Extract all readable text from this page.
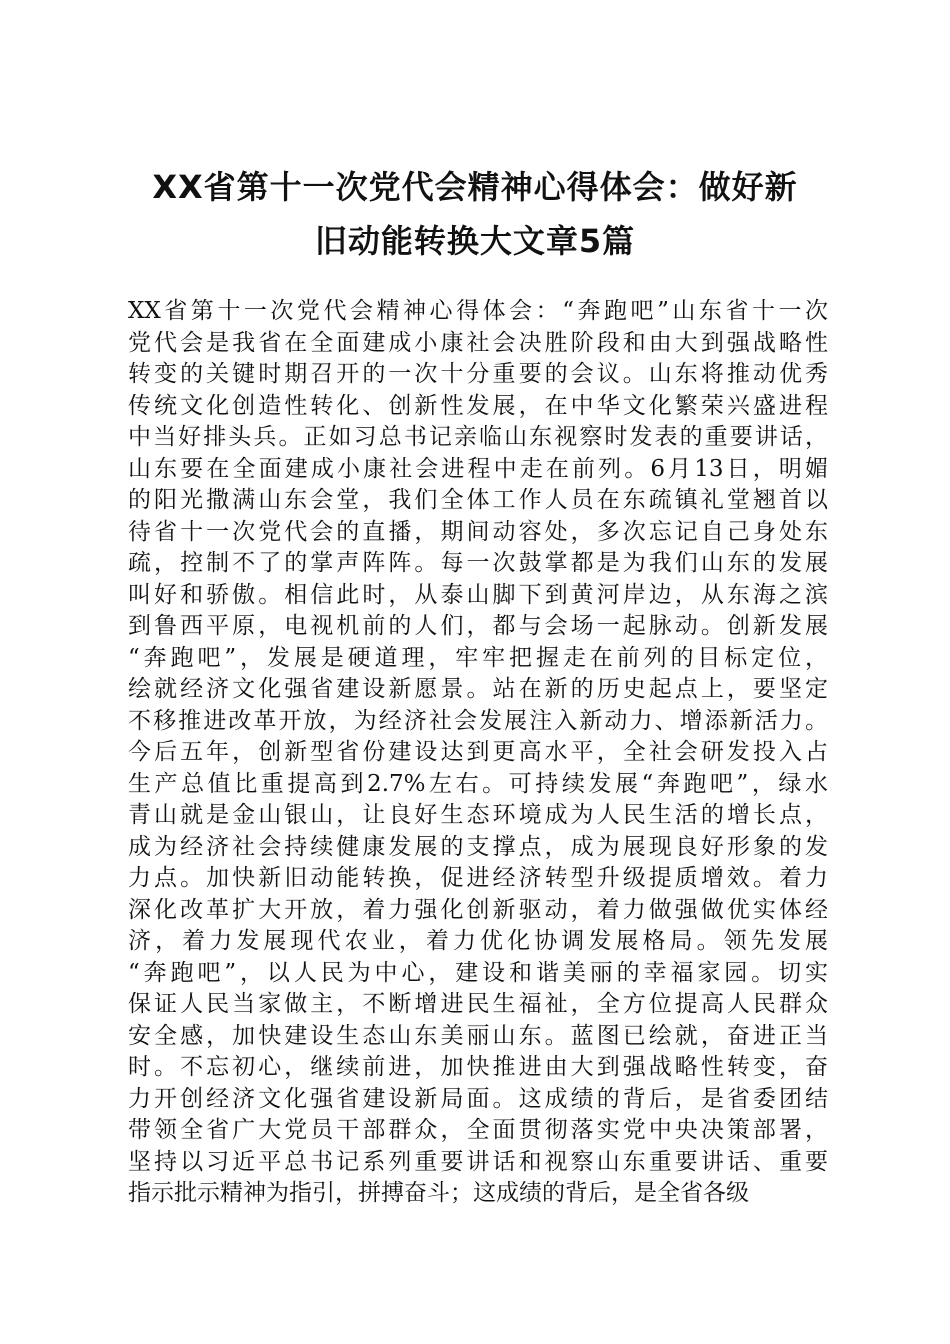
XX省第十一次党代会精神心得体会：做好新
旧动能转换大文章5篇
XX省第十一次党代会精神心得体会：“奔跑吧”山东省十一次
党代会是我省在全面建成小康社会决胜阶段和由大到强战略性
转变的关键时期召开的一次十分重要的会议。山东将推动优秀
传统文化创造性转化、创新性发展，在中华文化繁荣兴盛进程
中当好排头兵。正如习总书记亲临山东视察时发表的重要讲话，
山东要在全面建成小康社会进程中走在前列。6月13日，明媚
的阳光撒满山东会堂，我们全体工作人员在东疏镇礼堂翘首以
待省十一次党代会的直播，期间动容处，多次忘记自己身处东
疏，控制不了的掌声阵阵。每一次鼓掌都是为我们山东的发展
叫好和骄傲。相信此时，从泰山脚下到黄河岸边，从东海之滨
到鲁西平原，电视机前的人们，都与会场一起脉动。创新发展
“奔跑吧”，发展是硬道理，牢牢把握走在前列的目标定位，
绘就经济文化强省建设新愿景。站在新的历史起点上，要坚定
不移推进改革开放，为经济社会发展注入新动力、增添新活力。
今后五年，创新型省份建设达到更高水平，全社会研发投入占
生产总值比重提高到2.7%左右。可持续发展“奔跑吧”，绿水
青山就是金山银山，让良好生态环境成为人民生活的增长点，
成为经济社会持续健康发展的支撑点，成为展现良好形象的发
力点。加快新旧动能转换，促进经济转型升级提质增效。着力
深化改革扩大开放，着力强化创新驱动，着力做强做优实体经
济，着力发展现代农业，着力优化协调发展格局。领先发展
“奔跑吧”，以人民为中心，建设和谐美丽的幸福家园。切实
保证人民当家做主，不断增进民生福祉，全方位提高人民群众
安全感，加快建设生态山东美丽山东。蓝图已绘就，奋进正当
时。不忘初心，继续前进，加快推进由大到强战略性转变，奋
力开创经济文化强省建设新局面。这成绩的背后，是省委团结
带领全省广大党员干部群众，全面贯彻落实党中央决策部署，
坚持以习近平总书记系列重要讲话和视察山东重要讲话、重要
指示批示精神为指引，拼搏奋斗；这成绩的背后，是全省各级
